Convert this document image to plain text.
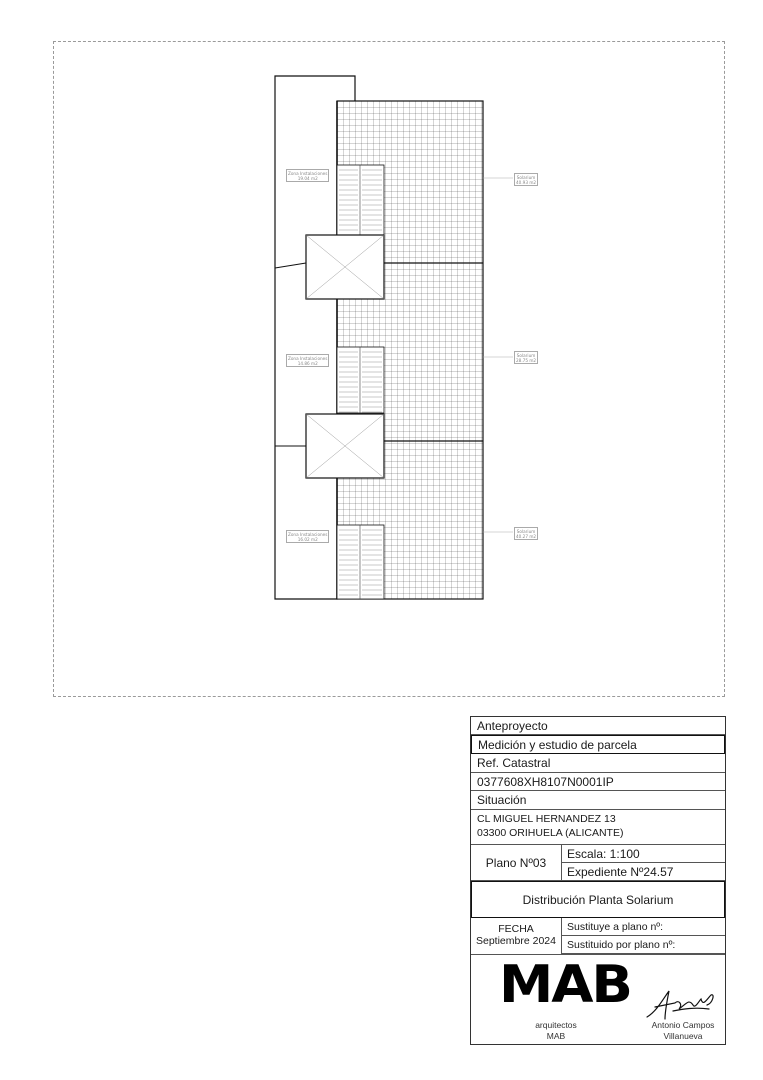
Zona Instalaciones
19.04 m2
Zona Instalaciones
14.86 m2
Zona Instalaciones
16.02 m2
Solarium
40.93 m2
Solarium
28.75 m2
Solarium
40.27 m2
Anteproyecto
Medición y estudio de parcela
Ref. Catastral
0377608XH8107N0001IP
Situación
CL MIGUEL HERNANDEZ 13
03300 ORIHUELA (ALICANTE)
Plano Nº03
Escala: 1:100
Expediente Nº24.57
Distribución Planta Solarium
FECHA
Septiembre 2024
Sustituye a plano nº:
Sustituido por plano nº:
MAB
arquitectos
MAB
Antonio Campos
Villanueva
